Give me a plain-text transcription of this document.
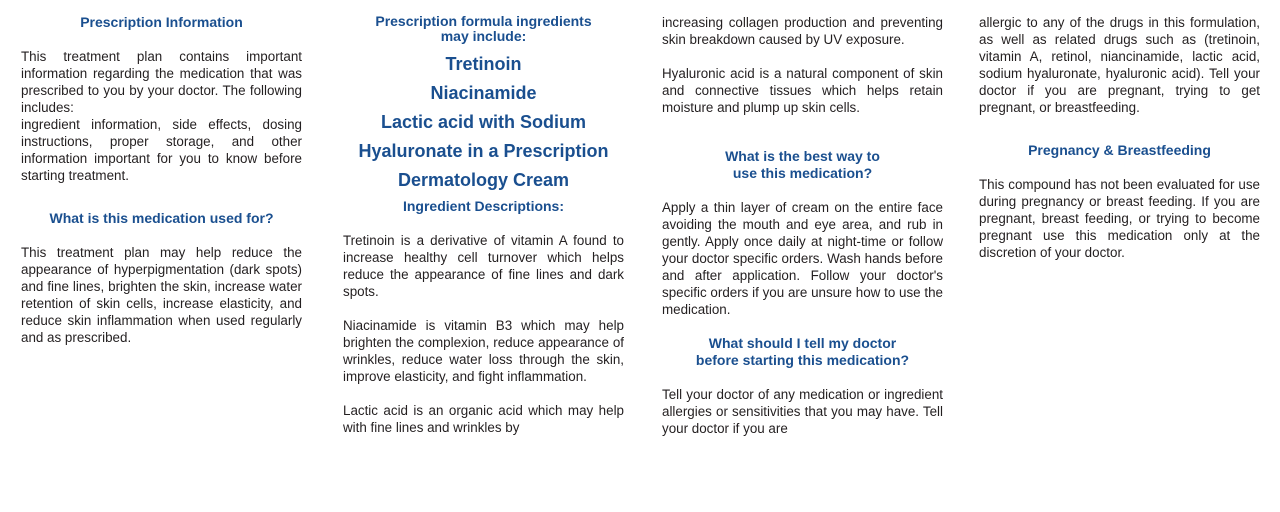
Prescription Information

This treatment plan contains important information regarding the medication that was prescribed to you by your doctor. The following includes:

ingredient information, side effects, dosing instructions, proper storage, and other information important for you to know before starting treatment.

What is this medication used for?

This treatment plan may help reduce the appearance of hyperpigmentation (dark spots) and fine lines, brighten the skin, increase water retention of skin cells, increase elasticity, and reduce skin inflammation when used regularly and as prescribed.

Prescription formula ingredients
may include:

Tretinoin

Niacinamide

Lactic acid with Sodium Hyaluronate in a Prescription Dermatology Cream

Ingredient Descriptions:

Tretinoin is a derivative of vitamin A found to increase healthy cell turnover which helps reduce the appearance of fine lines and dark spots.

Niacinamide is vitamin B3 which may help brighten the complexion, reduce appearance of wrinkles, reduce water loss through the skin, improve elasticity, and fight inflammation.

Lactic acid is an organic acid which may help with fine lines and wrinkles by

increasing collagen production and preventing skin breakdown caused by UV exposure.

Hyaluronic acid is a natural component of skin and connective tissues which helps retain moisture and plump up skin cells.

What is the best way to
use this medication?

Apply a thin layer of cream on the entire face avoiding the mouth and eye area, and rub in gently. Apply once daily at night-time or follow your doctor specific orders. Wash hands before and after application. Follow your doctor's specific orders if you are unsure how to use the medication.

What should I tell my doctor
before starting this medication?

Tell your doctor of any medication or ingredient allergies or sensitivities that you may have. Tell your doctor if you are

allergic to any of the drugs in this formulation, as well as related drugs such as (tretinoin, vitamin A, retinol, niancinamide, lactic acid, sodium hyaluronate, hyaluronic acid). Tell your doctor if you are pregnant, trying to get pregnant, or breastfeeding.

Pregnancy & Breastfeeding

This compound has not been evaluated for use during pregnancy or breast feeding. If you are pregnant, breast feeding, or trying to become pregnant use this medication only at the discretion of your doctor.
